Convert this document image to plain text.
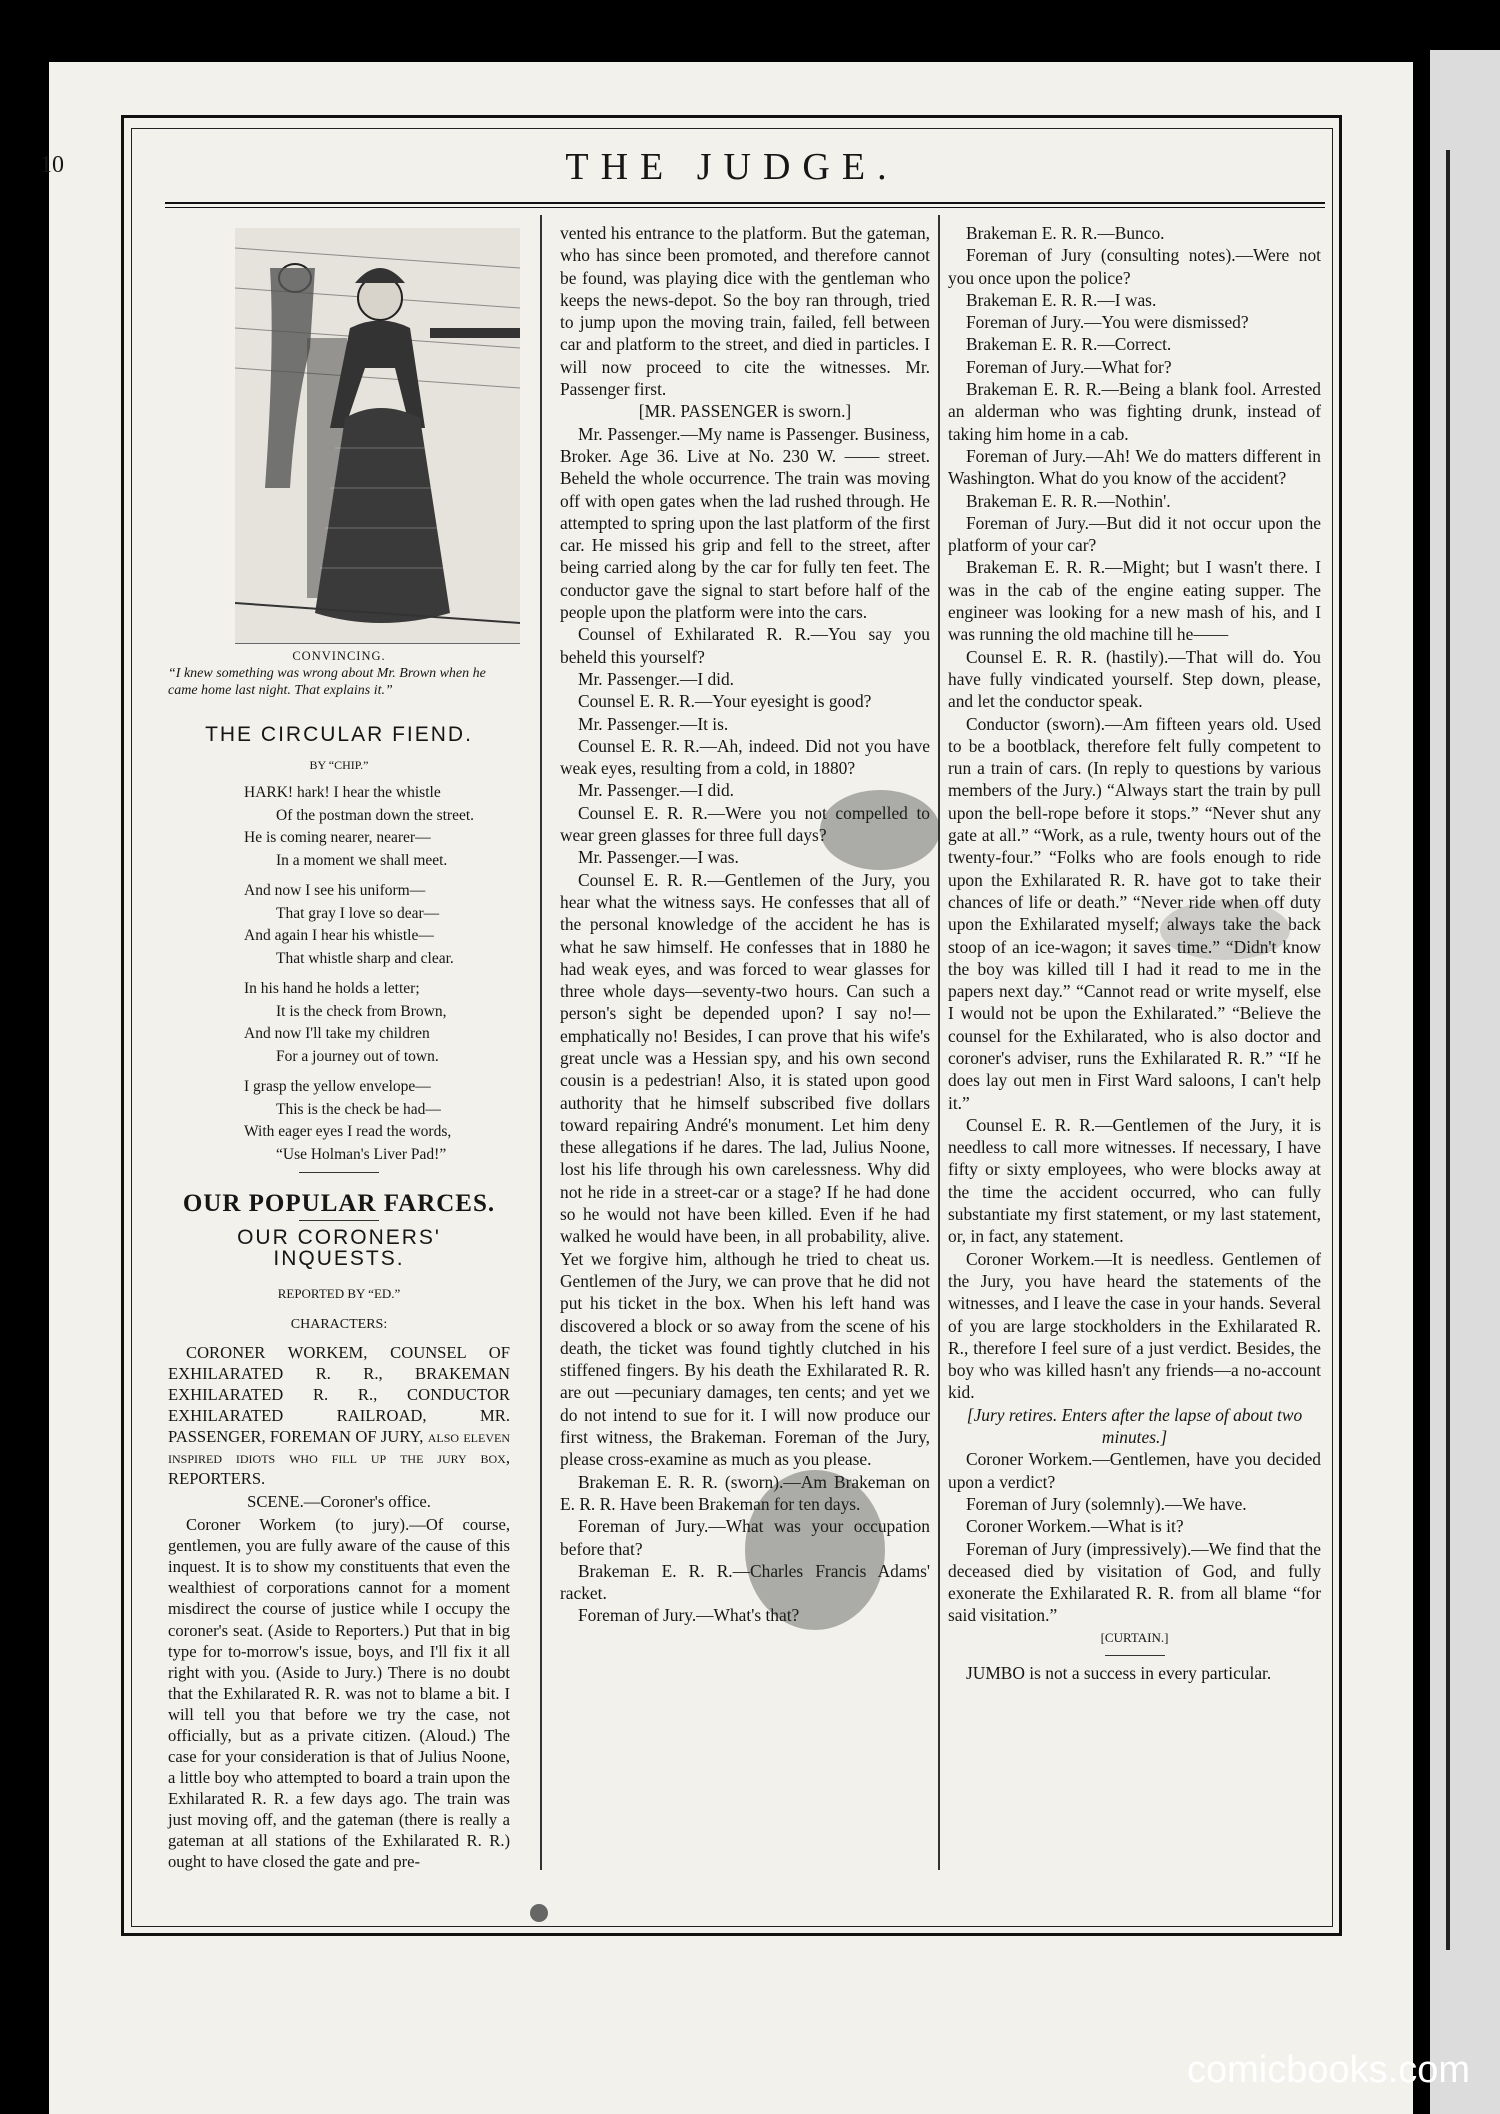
10	THE JUDGE.
CONVINCING.
“I knew something was wrong about Mr. Brown when he came home last night. That explains it.”
THE CIRCULAR FIEND.
BY “CHIP.”
HARK! hark! I hear the whistle
Of the postman down the street.
He is coming nearer, nearer—
In a moment we shall meet.
And now I see his uniform—
That gray I love so dear—
And again I hear his whistle—
That whistle sharp and clear.
In his hand he holds a letter;
It is the check from Brown,
And now I'll take my children
For a journey out of town.
I grasp the yellow envelope—
This is the check be had—
With eager eyes I read the words,
“Use Holman's Liver Pad!”
OUR POPULAR FARCES.
OUR CORONERS' INQUESTS.
REPORTED BY “ED.”
CHARACTERS:

CORONER WORKEM, COUNSEL OF EXHILARATED R. R., BRAKEMAN EXHILARATED R. R., CONDUCTOR EXHILARATED RAILROAD, MR. PASSENGER, FOREMAN OF JURY, also eleven inspired idiots who fill up the jury box, REPORTERS.

SCENE.—Coroner's office.

Coroner Workem (to jury).—Of course, gentlemen, you are fully aware of the cause of this inquest. It is to show my constituents that even the wealthiest of corporations cannot for a moment misdirect the course of justice while I occupy the coroner's seat. (Aside to Reporters.) Put that in big type for to-morrow's issue, boys, and I'll fix it all right with you. (Aside to Jury.) There is no doubt that the Exhilarated R. R. was not to blame a bit. I will tell you that before we try the case, not officially, but as a private citizen. (Aloud.) The case for your consideration is that of Julius Noone, a little boy who attempted to board a train upon the Exhilarated R. R. a few days ago. The train was just moving off, and the gateman (there is really a gateman at all stations of the Exhilarated R. R.) ought to have closed the gate and pre-

vented his entrance to the platform. But the gateman, who has since been promoted, and therefore cannot be found, was playing dice with the gentleman who keeps the news-depot. So the boy ran through, tried to jump upon the moving train, failed, fell between car and platform to the street, and died in particles. I will now proceed to cite the witnesses. Mr. Passenger first.

[MR. PASSENGER is sworn.]

Mr. Passenger.—My name is Passenger. Business, Broker. Age 36. Live at No. 230 W. —— street. Beheld the whole occurrence. The train was moving off with open gates when the lad rushed through. He attempted to spring upon the last platform of the first car. He missed his grip and fell to the street, after being carried along by the car for fully ten feet. The conductor gave the signal to start before half of the people upon the platform were into the cars.

Counsel of Exhilarated R. R.—You say you beheld this yourself?

Mr. Passenger.—I did.

Counsel E. R. R.—Your eyesight is good?

Mr. Passenger.—It is.

Counsel E. R. R.—Ah, indeed. Did not you have weak eyes, resulting from a cold, in 1880?

Mr. Passenger.—I did.

Counsel E. R. R.—Were you not compelled to wear green glasses for three full days?

Mr. Passenger.—I was.

Counsel E. R. R.—Gentlemen of the Jury, you hear what the witness says. He confesses that all of the personal knowledge of the accident he has is what he saw himself. He confesses that in 1880 he had weak eyes, and was forced to wear glasses for three whole days—seventy-two hours. Can such a person's sight be depended upon? I say no!—emphatically no! Besides, I can prove that his wife's great uncle was a Hessian spy, and his own second cousin is a pedestrian! Also, it is stated upon good authority that he himself subscribed five dollars toward repairing André's monument. Let him deny these allegations if he dares. The lad, Julius Noone, lost his life through his own carelessness. Why did not he ride in a street-car or a stage? If he had done so he would not have been killed. Even if he had walked he would have been, in all probability, alive. Yet we forgive him, although he tried to cheat us. Gentlemen of the Jury, we can prove that he did not put his ticket in the box. When his left hand was discovered a block or so away from the scene of his death, the ticket was found tightly clutched in his stiffened fingers. By his death the Exhilarated R. R. are out —pecuniary damages, ten cents; and yet we do not intend to sue for it. I will now produce our first witness, the Brakeman. Foreman of the Jury, please cross-examine as much as you please.

Brakeman E. R. R. (sworn).—Am Brakeman on E. R. R. Have been Brakeman for ten days.

Foreman of Jury.—What was your occupation before that?

Brakeman E. R. R.—Charles Francis Adams' racket.

Foreman of Jury.—What's that?

Brakeman E. R. R.—Bunco.

Foreman of Jury (consulting notes).—Were not you once upon the police?

Brakeman E. R. R.—I was.

Foreman of Jury.—You were dismissed?

Brakeman E. R. R.—Correct.

Foreman of Jury.—What for?

Brakeman E. R. R.—Being a blank fool. Arrested an alderman who was fighting drunk, instead of taking him home in a cab.

Foreman of Jury.—Ah! We do matters different in Washington. What do you know of the accident?

Brakeman E. R. R.—Nothin'.

Foreman of Jury.—But did it not occur upon the platform of your car?

Brakeman E. R. R.—Might; but I wasn't there. I was in the cab of the engine eating supper. The engineer was looking for a new mash of his, and I was running the old machine till he——

Counsel E. R. R. (hastily).—That will do. You have fully vindicated yourself. Step down, please, and let the conductor speak.

Conductor (sworn).—Am fifteen years old. Used to be a bootblack, therefore felt fully competent to run a train of cars. (In reply to questions by various members of the Jury.) “Always start the train by pull upon the bell-rope before it stops.” “Never shut any gate at all.” “Work, as a rule, twenty hours out of the twenty-four.” “Folks who are fools enough to ride upon the Exhilarated R. R. have got to take their chances of life or death.” “Never ride when off duty upon the Exhilarated myself; always take the back stoop of an ice-wagon; it saves time.” “Didn't know the boy was killed till I had it read to me in the papers next day.” “Cannot read or write myself, else I would not be upon the Exhilarated.” “Believe the counsel for the Exhilarated, who is also doctor and coroner's adviser, runs the Exhilarated R. R.” “If he does lay out men in First Ward saloons, I can't help it.”

Counsel E. R. R.—Gentlemen of the Jury, it is needless to call more witnesses. If necessary, I have fifty or sixty employees, who were blocks away at the time the accident occurred, who can fully substantiate my first statement, or my last statement, or, in fact, any statement.

Coroner Workem.—It is needless. Gentlemen of the Jury, you have heard the statements of the witnesses, and I leave the case in your hands. Several of you are large stockholders in the Exhilarated R. R., therefore I feel sure of a just verdict. Besides, the boy who was killed hasn't any friends—a no-account kid.

[Jury retires. Enters after the lapse of about two minutes.]

Coroner Workem.—Gentlemen, have you decided upon a verdict?

Foreman of Jury (solemnly).—We have.

Coroner Workem.—What is it?

Foreman of Jury (impressively).—We find that the deceased died by visitation of God, and fully exonerate the Exhilarated R. R. from all blame “for said visitation.”

[CURTAIN.]

JUMBO is not a success in every particular.

comicbooks.com
